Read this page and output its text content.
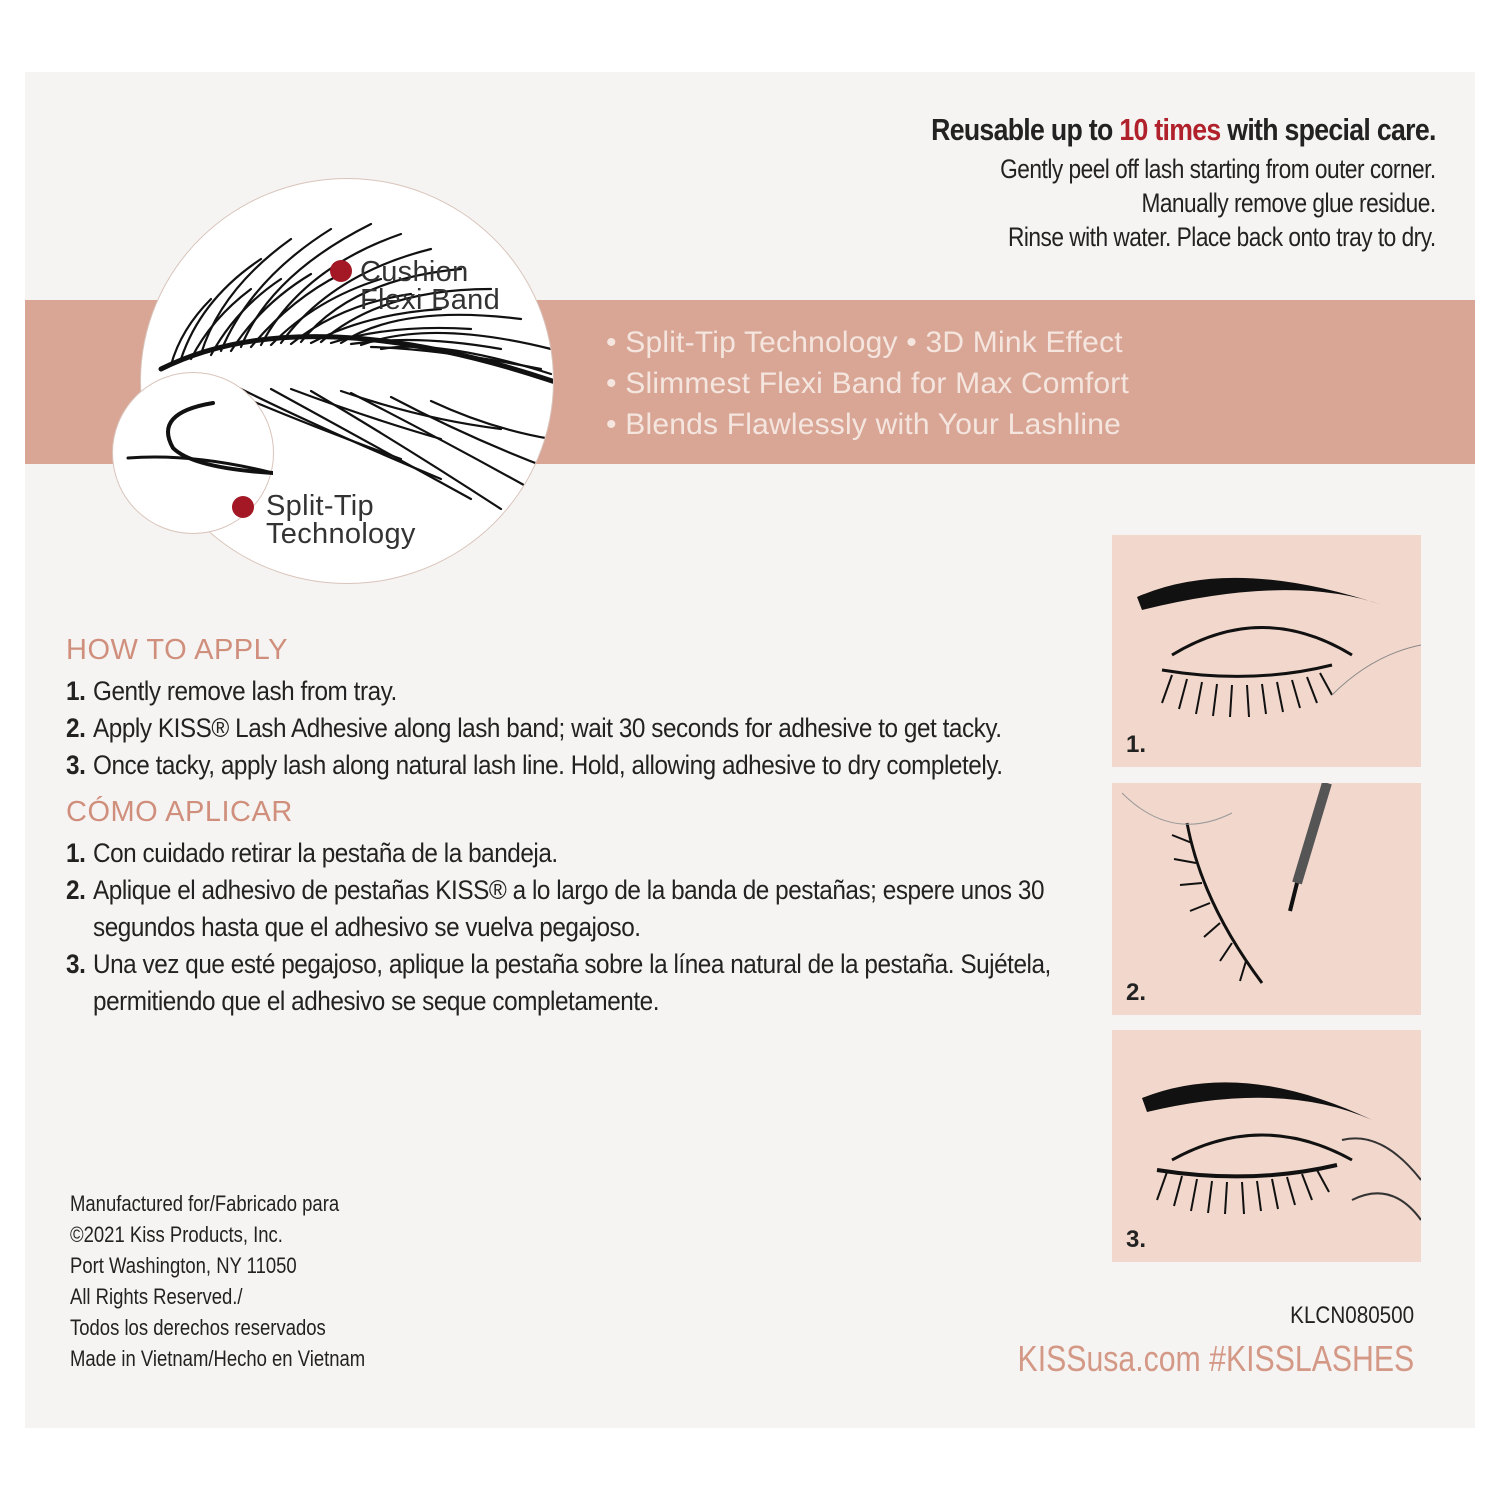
Reusable up to 10 times with special care.
Gently peel off lash starting from outer corner.
Manually remove glue residue.
Rinse with water. Place back onto tray to dry.
• Split-Tip Technology • 3D Mink Effect
• Slimmest Flexi Band for Max Comfort
• Blends Flawlessly with Your Lashline
Cushion
Flexi Band
Split-Tip
Technology
HOW TO APPLY
1. Gently remove lash from tray.
2. Apply KISS® Lash Adhesive along lash band; wait 30 seconds for adhesive to get tacky.
3. Once tacky, apply lash along natural lash line. Hold, allowing adhesive to dry completely.
CÓMO APLICAR
1. Con cuidado retirar la pestaña de la bandeja.
2. Aplique el adhesivo de pestañas KISS® a lo largo de la banda de pestañas; espere unos 30 segundos hasta que el adhesivo se vuelva pegajoso.
3. Una vez que esté pegajoso, aplique la pestaña sobre la línea natural de la pestaña. Sujétela, permitiendo que el adhesivo se seque completamente.
Manufactured for/Fabricado para
©2021 Kiss Products, Inc.
Port Washington, NY 11050
All Rights Reserved./
Todos los derechos reservados
Made in Vietnam/Hecho en Vietnam
KLCN080500
KISSusa.com #KISSLASHES
1.
2.
3.
